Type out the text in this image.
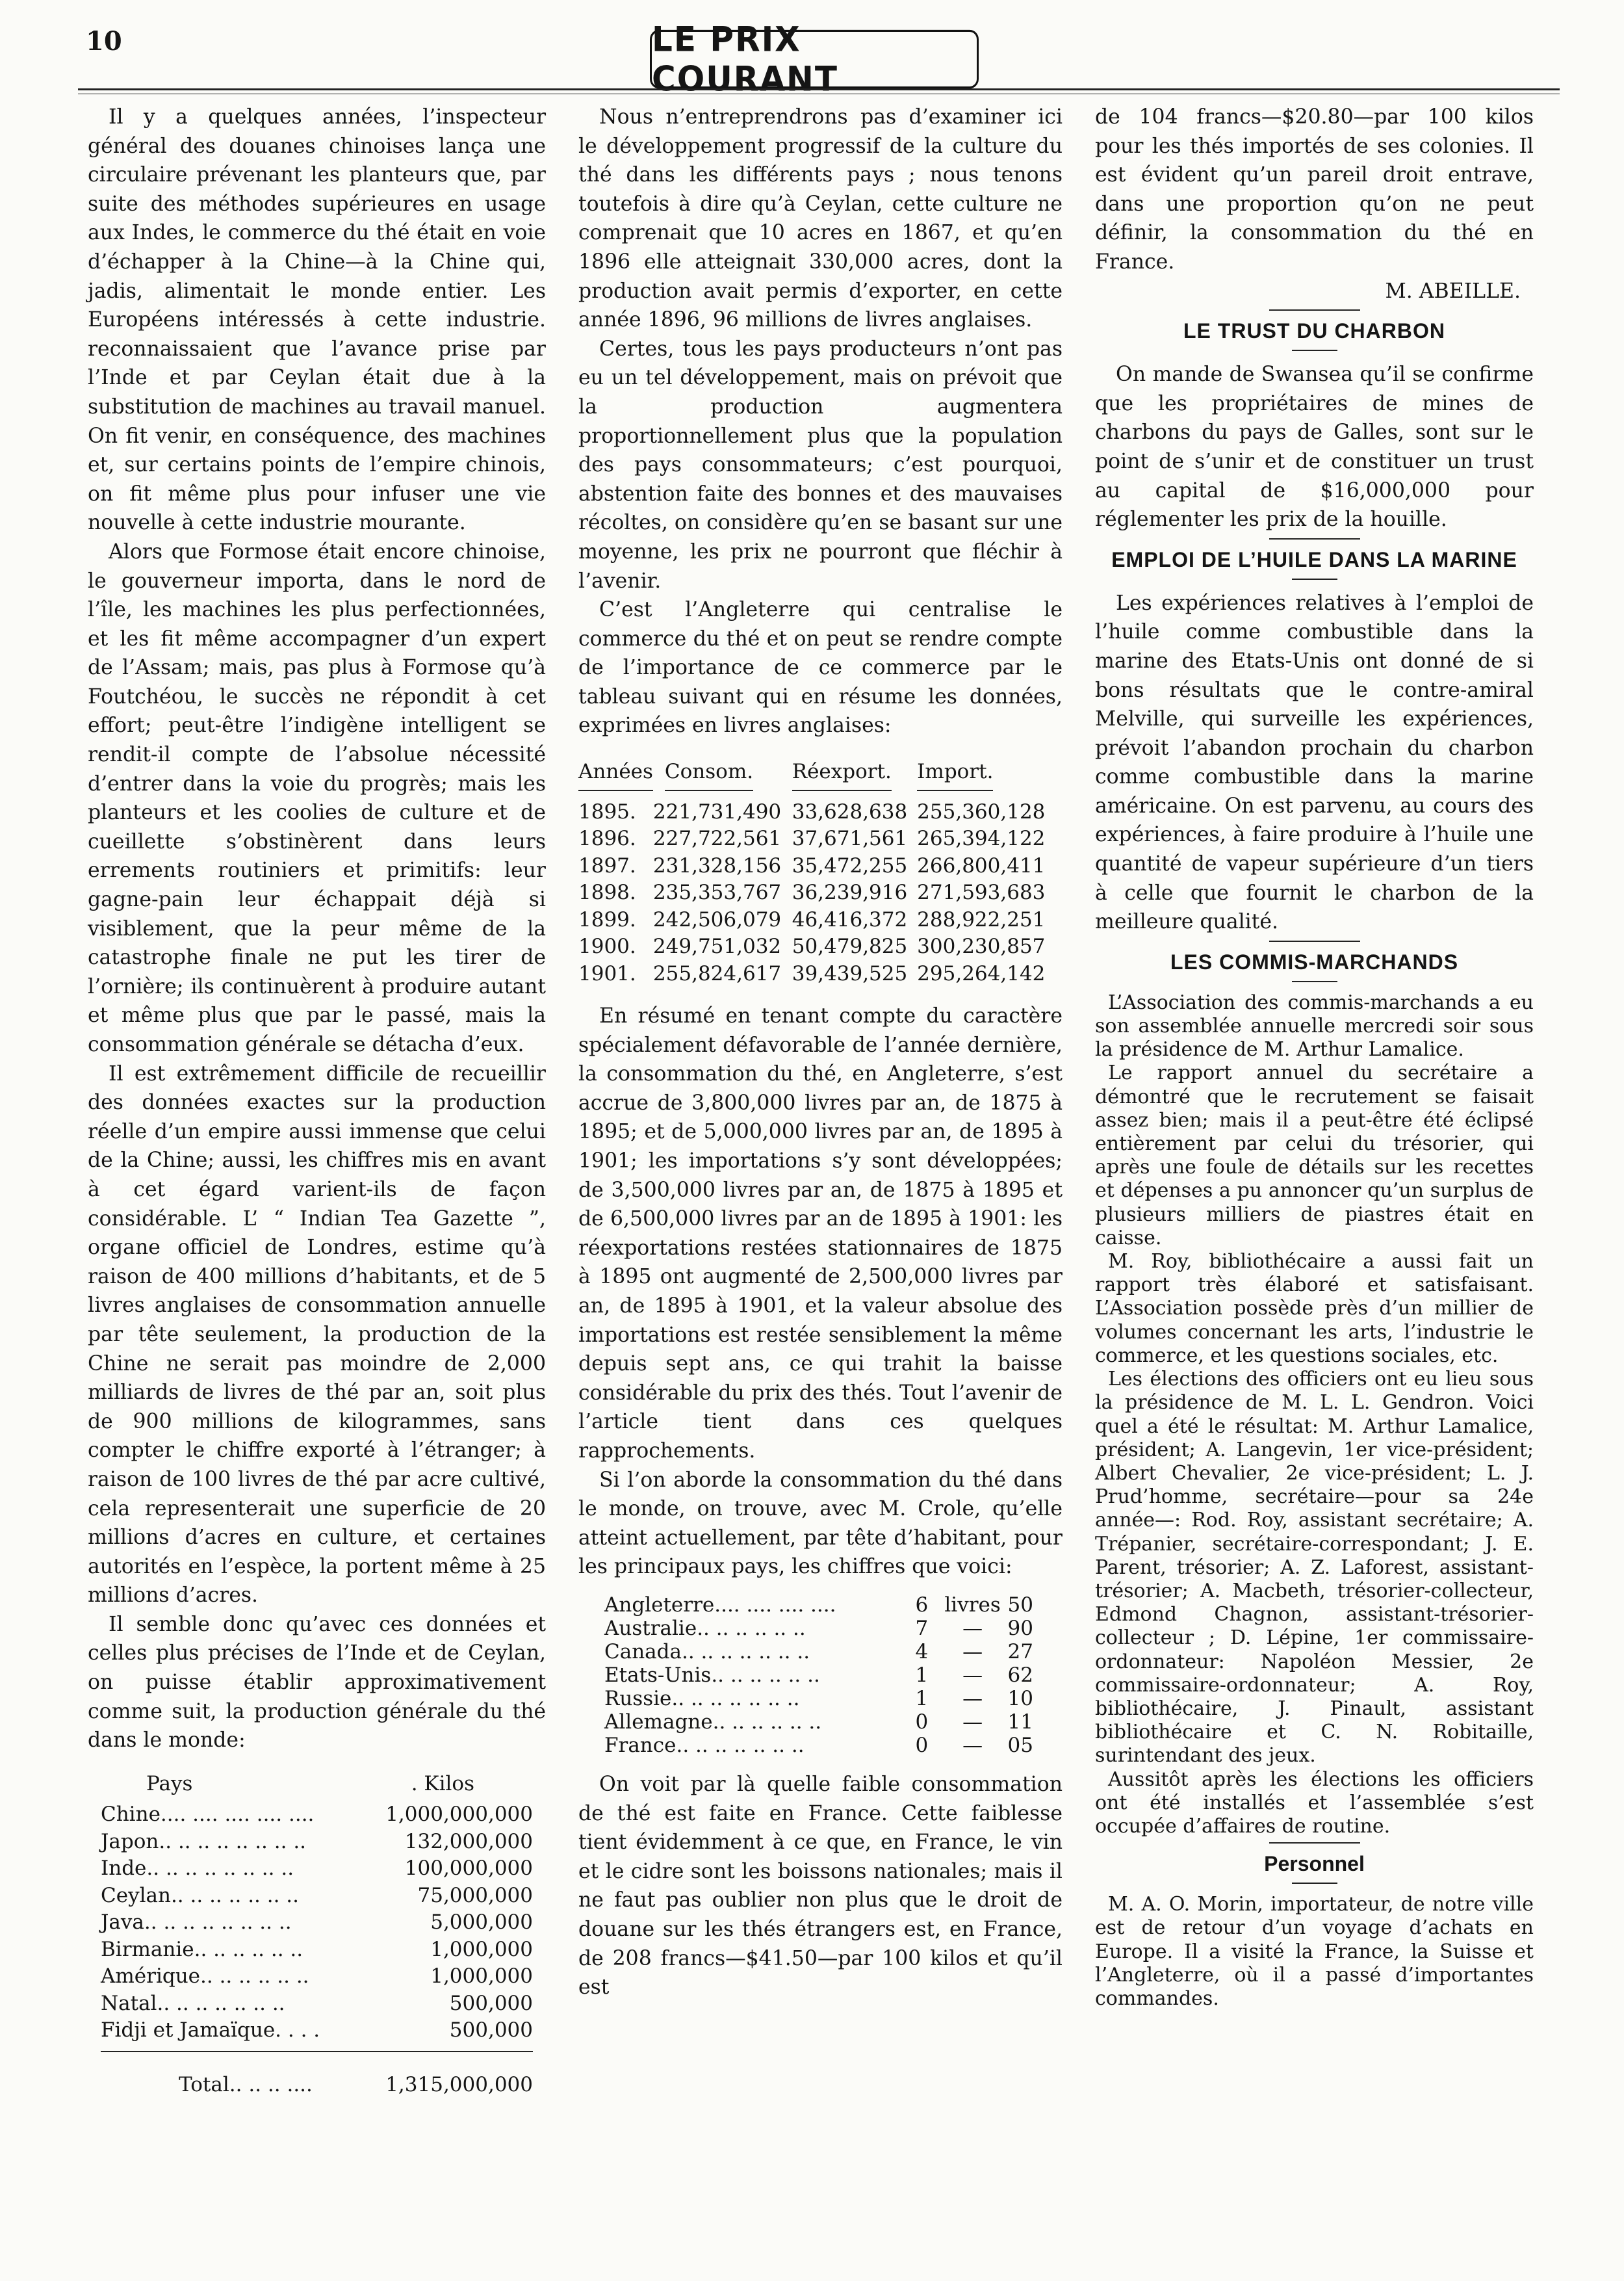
10	LE PRIX COURANT

Il y a quelques années, l’inspecteur général des douanes chinoises lança une circulaire prévenant les planteurs que, par suite des méthodes supérieures en usage aux Indes, le commerce du thé était en voie d’échapper à la Chine—à la Chine qui, jadis, alimentait le monde entier. Les Européens intéressés à cette industrie. reconnaissaient que l’avance prise par l’Inde et par Ceylan était due à la substitution de machines au travail manuel. On fit venir, en conséquence, des machines et, sur certains points de l’empire chinois, on fit même plus pour infuser une vie nouvelle à cette industrie mourante.

Alors que Formose était encore chinoise, le gouverneur importa, dans le nord de l’île, les machines les plus perfectionnées, et les fit même accompagner d’un expert de l’Assam; mais, pas plus à Formose qu’à Foutchéou, le succès ne répondit à cet effort; peut-être l’indigène intelligent se rendit-il compte de l’absolue nécessité d’entrer dans la voie du progrès; mais les planteurs et les coolies de culture et de cueillette s’obstinèrent dans leurs errements routiniers et primitifs: leur gagne-pain leur échappait déjà si visiblement, que la peur même de la catastrophe finale ne put les tirer de l’ornière; ils continuèrent à produire autant et même plus que par le passé, mais la consommation générale se détacha d’eux.

Il est extrêmement difficile de recueillir des données exactes sur la production réelle d’un empire aussi immense que celui de la Chine; aussi, les chiffres mis en avant à cet égard varient-ils de façon considérable. L’ “ Indian Tea Gazette ”, organe officiel de Londres, estime qu’à raison de 400 millions d’habitants, et de 5 livres anglaises de consommation annuelle par tête seulement, la production de la Chine ne serait pas moindre de 2,000 milliards de livres de thé par an, soit plus de 900 millions de kilogrammes, sans compter le chiffre exporté à l’étranger; à raison de 100 livres de thé par acre cultivé, cela representerait une superficie de 20 millions d’acres en culture, et certaines autorités en l’espèce, la portent même à 25 millions d’acres.

Il semble donc qu’avec ces données et celles plus précises de l’Inde et de Ceylan, on puisse établir approximativement comme suit, la production générale du thé dans le monde:

Pays	. Kilos
Chine.... .... .... .... ....	1,000,000,000
Japon.. .. .. .. .. .. .. ..	132,000,000
Inde.. .. .. .. .. .. .. ..	100,000,000
Ceylan.. .. .. .. .. .. ..	75,000,000
Java.. .. .. .. .. .. .. ..	5,000,000
Birmanie.. .. .. .. .. ..	1,000,000
Amérique.. .. .. .. .. ..	1,000,000
Natal.. .. .. .. .. .. ..	500,000
Fidji et Jamaïque. . . .	500,000

Total.. .. .. ....	1,315,000,000

Nous n’entreprendrons pas d’examiner ici le développement progressif de la culture du thé dans les différents pays ; nous tenons toutefois à dire qu’à Ceylan, cette culture ne comprenait que 10 acres en 1867, et qu’en 1896 elle atteignait 330,000 acres, dont la production avait permis d’exporter, en cette année 1896, 96 millions de livres anglaises.

Certes, tous les pays producteurs n’ont pas eu un tel développement, mais on prévoit que la production augmentera proportionnellement plus que la population des pays consommateurs; c’est pourquoi, abstention faite des bonnes et des mauvaises récoltes, on considère qu’en se basant sur une moyenne, les prix ne pourront que fléchir à l’avenir.

C’est l’Angleterre qui centralise le commerce du thé et on peut se rendre compte de l’importance de ce commerce par le tableau suivant qui en résume les données, exprimées en livres anglaises:

Années	Consom.	Réexport.	Import.
1895.	221,731,490	33,628,638	255,360,128
1896.	227,722,561	37,671,561	265,394,122
1897.	231,328,156	35,472,255	266,800,411
1898.	235,353,767	36,239,916	271,593,683
1899.	242,506,079	46,416,372	288,922,251
1900.	249,751,032	50,479,825	300,230,857
1901.	255,824,617	39,439,525	295,264,142

En résumé en tenant compte du caractère spécialement défavorable de l’année dernière, la consommation du thé, en Angleterre, s’est accrue de 3,800,000 livres par an, de 1875 à 1895; et de 5,000,000 livres par an, de 1895 à 1901; les importations s’y sont développées; de 3,500,000 livres par an, de 1875 à 1895 et de 6,500,000 livres par an de 1895 à 1901: les réexportations restées stationnaires de 1875 à 1895 ont augmenté de 2,500,000 livres par an, de 1895 à 1901, et la valeur absolue des importations est restée sensiblement la même depuis sept ans, ce qui trahit la baisse considérable du prix des thés. Tout l’avenir de l’article tient dans ces quelques rapprochements.

Si l’on aborde la consommation du thé dans le monde, on trouve, avec M. Crole, qu’elle atteint actuellement, par tête d’habitant, pour les principaux pays, les chiffres que voici:

Angleterre.... .... .... ....	6	livres	50
Australie.. .. .. .. .. ..	7	—	90
Canada.. .. .. .. .. .. ..	4	—	27
Etats-Unis.. .. .. .. .. ..	1	—	62
Russie.. .. .. .. .. .. ..	1	—	10
Allemagne.. .. .. .. .. ..	0	—	11
France.. .. .. .. .. .. ..	0	—	05

On voit par là quelle faible consommation de thé est faite en France. Cette faiblesse tient évidemment à ce que, en France, le vin et le cidre sont les boissons nationales; mais il ne faut pas oublier non plus que le droit de douane sur les thés étrangers est, en France, de 208 francs—$41.50—par 100 kilos et qu’il est

de 104 francs—$20.80—par 100 kilos pour les thés importés de ses colonies. Il est évident qu’un pareil droit entrave, dans une proportion qu’on ne peut définir, la consommation du thé en France.

M. ABEILLE.
LE TRUST DU CHARBON

On mande de Swansea qu’il se confirme que les propriétaires de mines de charbons du pays de Galles, sont sur le point de s’unir et de constituer un trust au capital de $16,000,000 pour réglementer les prix de la houille.

EMPLOI DE L’HUILE DANS LA MARINE

Les expériences relatives à l’emploi de l’huile comme combustible dans la marine des Etats-Unis ont donné de si bons résultats que le contre-amiral Melville, qui surveille les expériences, prévoit l’abandon prochain du charbon comme combustible dans la marine américaine. On est parvenu, au cours des expériences, à faire produire à l’huile une quantité de vapeur supérieure d’un tiers à celle que fournit le charbon de la meilleure qualité.

LES COMMIS-MARCHANDS

L’Association des commis-marchands a eu son assemblée annuelle mercredi soir sous la présidence de M. Arthur Lamalice.

Le rapport annuel du secrétaire a démontré que le recrutement se faisait assez bien; mais il a peut-être été éclipsé entièrement par celui du trésorier, qui après une foule de détails sur les recettes et dépenses a pu annoncer qu’un surplus de plusieurs milliers de piastres était en caisse.

M. Roy, bibliothécaire a aussi fait un rapport très élaboré et satisfaisant. L’Association possède près d’un millier de volumes concernant les arts, l’industrie le commerce, et les questions sociales, etc.

Les élections des officiers ont eu lieu sous la présidence de M. L. L. Gendron. Voici quel a été le résultat: M. Arthur Lamalice, président; A. Langevin, 1er vice-président; Albert Chevalier, 2e vice-président; L. J. Prud’homme, secrétaire—pour sa 24e année—: Rod. Roy, assistant secrétaire; A. Trépanier, secrétaire-correspondant; J. E. Parent, trésorier; A. Z. Laforest, assistant-trésorier; A. Macbeth, trésorier-collecteur, Edmond Chagnon, assistant-trésorier-collecteur ; D. Lépine, 1er commissaire-ordonnateur: Napoléon Messier, 2e commissaire-ordonnateur; A. Roy, bibliothécaire, J. Pinault, assistant bibliothécaire et C. N. Robitaille, surintendant des jeux.

Aussitôt après les élections les officiers ont été installés et l’assemblée s’est occupée d’affaires de routine.

Personnel

M. A. O. Morin, importateur, de notre ville est de retour d’un voyage d’achats en Europe. Il a visité la France, la Suisse et l’Angleterre, où il a passé d’importantes commandes.
